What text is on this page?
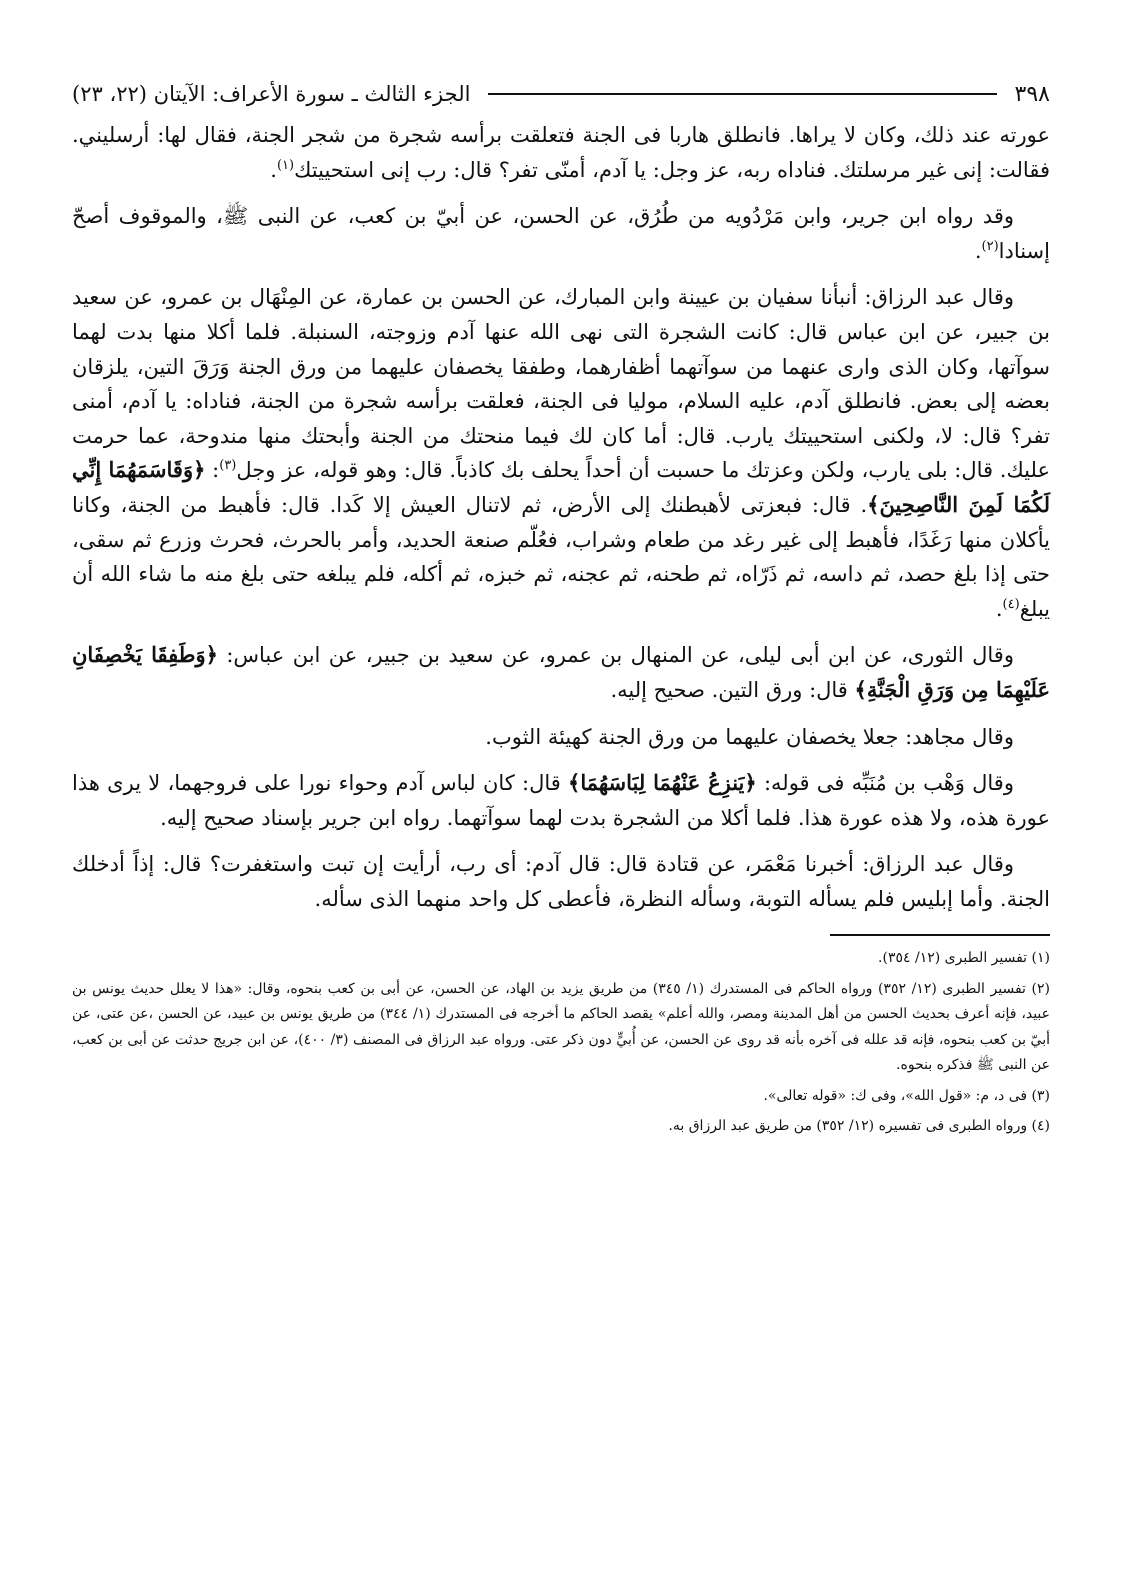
٣٩٨
الجزء الثالث ـ سورة الأعراف: الآيتان (٢٢، ٢٣)

عورته عند ذلك، وكان لا يراها. فانطلق هاربا فى الجنة فتعلقت برأسه شجرة من شجر الجنة، فقال لها: أرسليني. فقالت: إنى غير مرسلتك. فناداه ربه، عز وجل: يا آدم، أمنّى تفر؟ قال: رب إنى استحييتك$^{(١)}$.

وقد رواه ابن جرير، وابن مَرْدُويه من طُرُق، عن الحسن، عن أبيّ بن كعب، عن النبى ﷺ، والموقوف أصحّ إسنادا$^{(٢)}$.

وقال عبد الرزاق: أنبأنا سفيان بن عيينة وابن المبارك، عن الحسن بن عمارة، عن المِنْهَال بن عمرو، عن سعيد بن جبير، عن ابن عباس قال: كانت الشجرة التى نهى الله عنها آدم وزوجته، السنبلة. فلما أكلا منها بدت لهما سوآتها، وكان الذى وارى عنهما من سوآتهما أظفارهما، وطفقا يخصفان عليهما من ورق الجنة وَرَقَ التين، يلزقان بعضه إلى بعض. فانطلق آدم، عليه السلام، موليا فى الجنة، فعلقت برأسه شجرة من الجنة، فناداه: يا آدم، أمنى تفر؟ قال: لا، ولكنى استحييتك يارب. قال: أما كان لك فيما منحتك من الجنة وأبحتك منها مندوحة، عما حرمت عليك. قال: بلى يارب، ولكن وعزتك ما حسبت أن أحداً يحلف بك كاذباً. قال: وهو قوله، عز وجل$^{(٣)}$: ﴿وَقَاسَمَهُمَا إِنِّي لَكُمَا لَمِنَ النَّاصِحِينَ﴾. قال: فبعزتى لأهبطنك إلى الأرض، ثم لاتنال العيش إلا كَدا. قال: فأهبط من الجنة، وكانا يأكلان منها رَغَدًا، فأهبط إلى غير رغد من طعام وشراب، فعُلّم صنعة الحديد، وأمر بالحرث، فحرث وزرع ثم سقى، حتى إذا بلغ حصد، ثم داسه، ثم ذَرّاه، ثم طحنه، ثم عجنه، ثم خبزه، ثم أكله، فلم يبلغه حتى بلغ منه ما شاء الله أن يبلغ$^{(٤)}$.

وقال الثورى، عن ابن أبى ليلى، عن المنهال بن عمرو، عن سعيد بن جبير، عن ابن عباس: ﴿وَطَفِقَا يَخْصِفَانِ عَلَيْهِمَا مِن وَرَقِ الْجَنَّةِ﴾ قال: ورق التين. صحيح إليه.

وقال مجاهد: جعلا يخصفان عليهما من ورق الجنة كهيئة الثوب.

وقال وَهْب بن مُنَبِّه فى قوله: ﴿يَنزِعُ عَنْهُمَا لِبَاسَهُمَا﴾ قال: كان لباس آدم وحواء نورا على فروجهما، لا يرى هذا عورة هذه، ولا هذه عورة هذا. فلما أكلا من الشجرة بدت لهما سوآتهما. رواه ابن جرير بإسناد صحيح إليه.

وقال عبد الرزاق: أخبرنا مَعْمَر، عن قتادة قال: قال آدم: أى رب، أرأيت إن تبت واستغفرت؟ قال: إذاً أدخلك الجنة. وأما إبليس فلم يسأله التوبة، وسأله النظرة، فأعطى كل واحد منهما الذى سأله.

(١) تفسير الطبرى (١٢/ ٣٥٤).

(٢) تفسير الطبرى (١٢/ ٣٥٢) ورواه الحاكم فى المستدرك (١/ ٣٤٥) من طريق يزيد بن الهاد، عن الحسن، عن أبى بن كعب بنحوه، وقال: «هذا لا يعلل حديث يونس بن عبيد، فإنه أعرف بحديث الحسن من أهل المدينة ومصر، والله أعلم» يقصد الحاكم ما أخرجه فى المستدرك (١/ ٣٤٤) من طريق يونس بن عبيد، عن الحسن ،عن عتى، عن أبيّ بن كعب بنحوه، فإنه قد علله فى آخره بأنه قد روى عن الحسن، عن أُبيٍّ دون ذكر عتى. ورواه عبد الرزاق فى المصنف (٣/ ٤٠٠)، عن ابن جريج حدثت عن أبى بن كعب، عن النبى ﷺ فذكره بنحوه.

(٣) فى د، م: «قول الله»، وفى ك: «قوله تعالى».

(٤) ورواه الطبرى فى تفسيره (١٢/ ٣٥٢) من طريق عبد الرزاق به.
